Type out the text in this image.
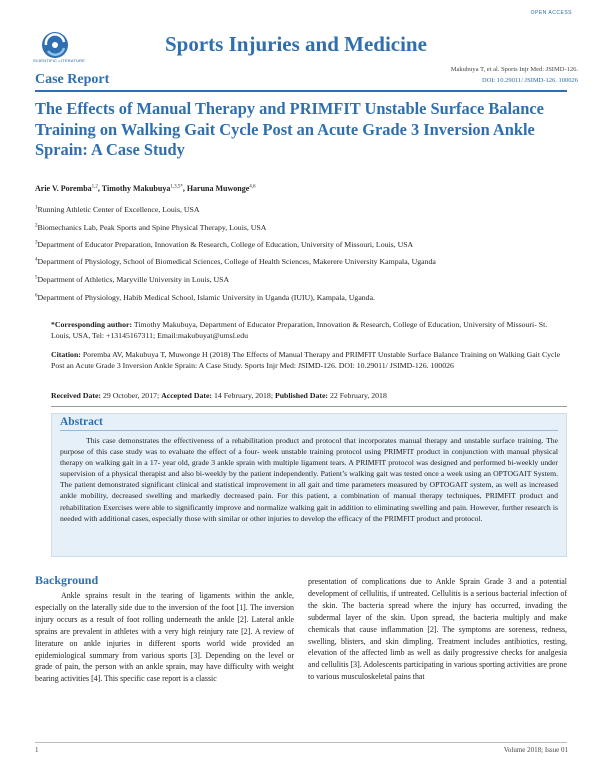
SCIENTIFIC LITERATURE
OPEN ACCESS
Sports Injuries and Medicine
Case Report
Makubuya T, et al. Sports Injr Med: JSIMD-126.
DOI: 10.29011/ JSIMD-126. 100026
The Effects of Manual Therapy and PRIMFIT Unstable Surface Balance Training on Walking Gait Cycle Post an Acute Grade 3 Inversion Ankle Sprain: A Case Study
Arie V. Poremba$^{1,2}$, Timothy Makubuya$^{1,3,5*}$, Haruna Muwonge$^{4,6}$
$^1$Running Athletic Center of Excellence, Louis, USA
$^2$Biomechanics Lab, Peak Sports and Spine Physical Therapy, Louis, USA
$^3$Department of Educator Preparation, Innovation & Research, College of Education, University of Missouri, Louis, USA
$^4$Department of Physiology, School of Biomedical Sciences, College of Health Sciences, Makerere University Kampala, Uganda
$^5$Department of Athletics, Maryville University in Louis, USA
$^6$Department of Physiology, Habib Medical School, Islamic University in Uganda (IUIU), Kampala, Uganda.
*Corresponding author: Timothy Makubuya, Department of Educator Preparation, Innovation & Research, College of Education, University of Missouri- St. Louis, USA, Tel: +13145167311; Email:makubuyat@umsl.edu
Citation: Poremba AV, Makubuya T, Muwonge H (2018) The Effects of Manual Therapy and PRIMFIT Unstable Surface Balance Training on Walking Gait Cycle Post an Acute Grade 3 Inversion Ankle Sprain: A Case Study. Sports Injr Med: JSIMD-126. DOI: 10.29011/ JSIMD-126. 100026
Received Date: 29 October, 2017; Accepted Date: 14 February, 2018; Published Date: 22 February, 2018
Abstract
This case demonstrates the effectiveness of a rehabilitation product and protocol that incorporates manual therapy and unstable surface training. The purpose of this case study was to evaluate the effect of a four- week unstable training protocol using PRIMFIT product in conjunction with manual physical therapy on walking gait in a 17- year old, grade 3 ankle sprain with multiple ligament tears. A PRIMFIT protocol was designed and performed bi-weekly under supervision of a physical therapist and also bi-weekly by the patient independently. Patient’s walking gait was tested once a week using an OPTOGAIT System. The patient demonstrated significant clinical and statistical improvement in all gait and time parameters measured by OPTOGAIT system, as well as increased ankle mobility, decreased swelling and markedly decreased pain. For this patient, a combination of manual therapy techniques, PRIMFIT product and rehabilitation Exercises were able to significantly improve and normalize walking gait in addition to eliminating swelling and pain. However, further research is needed with additional cases, especially those with similar or other injuries to develop the efficacy of the PRIMFIT product and protocol.
Background
Ankle sprains result in the tearing of ligaments within the ankle, especially on the laterally side due to the inversion of the foot [1]. The inversion injury occurs as a result of foot rolling underneath the ankle [2]. Lateral ankle sprains are prevalent in athletes with a very high reinjury rate [2]. A review of literature on ankle injuries in different sports world wide provided an epidemiological summary from various sports [3]. Depending on the level or grade of pain, the person with an ankle sprain, may have difficulty with weight bearing activities [4]. This specific case report is a classic
presentation of complications due to Ankle Sprain Grade 3 and a potential development of cellulitis, if untreated. Cellulitis is a serious bacterial infection of the skin. The bacteria spread where the injury has occurred, invading the subdermal layer of the skin. Upon spread, the bacteria multiply and make chemicals that cause inflammation [2]. The symptoms are soreness, redness, swelling, blisters, and skin dimpling. Treatment includes antibiotics, resting, elevation of the affected limb as well as daily progressive checks for analgesia and cellulitis [3]. Adolescents participating in various sporting activities are prone to various musculoskeletal pains that
1	Volume 2018; Issue 01
